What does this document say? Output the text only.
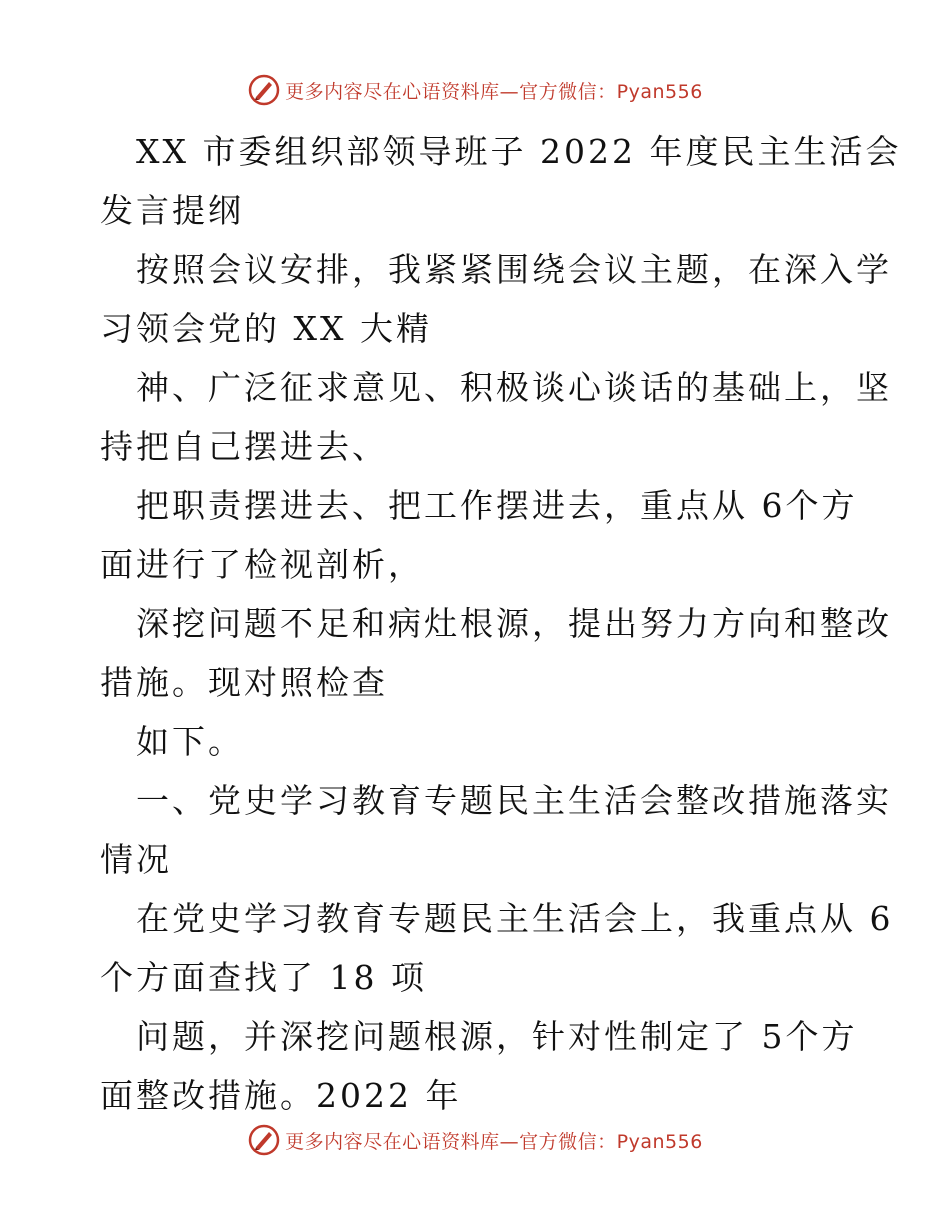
更多内容尽在心语资料库—官方微信：Pyan556
XX 市委组织部领导班子 2022 年度民主生活会
发言提纲
按照会议安排，我紧紧围绕会议主题，在深入学
习领会党的 XX 大精
神、广泛征求意见、积极谈心谈话的基础上，坚
持把自己摆进去、
把职责摆进去、把工作摆进去，重点从 6个方
面进行了检视剖析，
深挖问题不足和病灶根源，提出努力方向和整改
措施。现对照检查
如下。
一、党史学习教育专题民主生活会整改措施落实
情况
在党史学习教育专题民主生活会上，我重点从 6
个方面查找了 18 项
问题，并深挖问题根源，针对性制定了 5个方
面整改措施。2022 年
更多内容尽在心语资料库—官方微信：Pyan556
